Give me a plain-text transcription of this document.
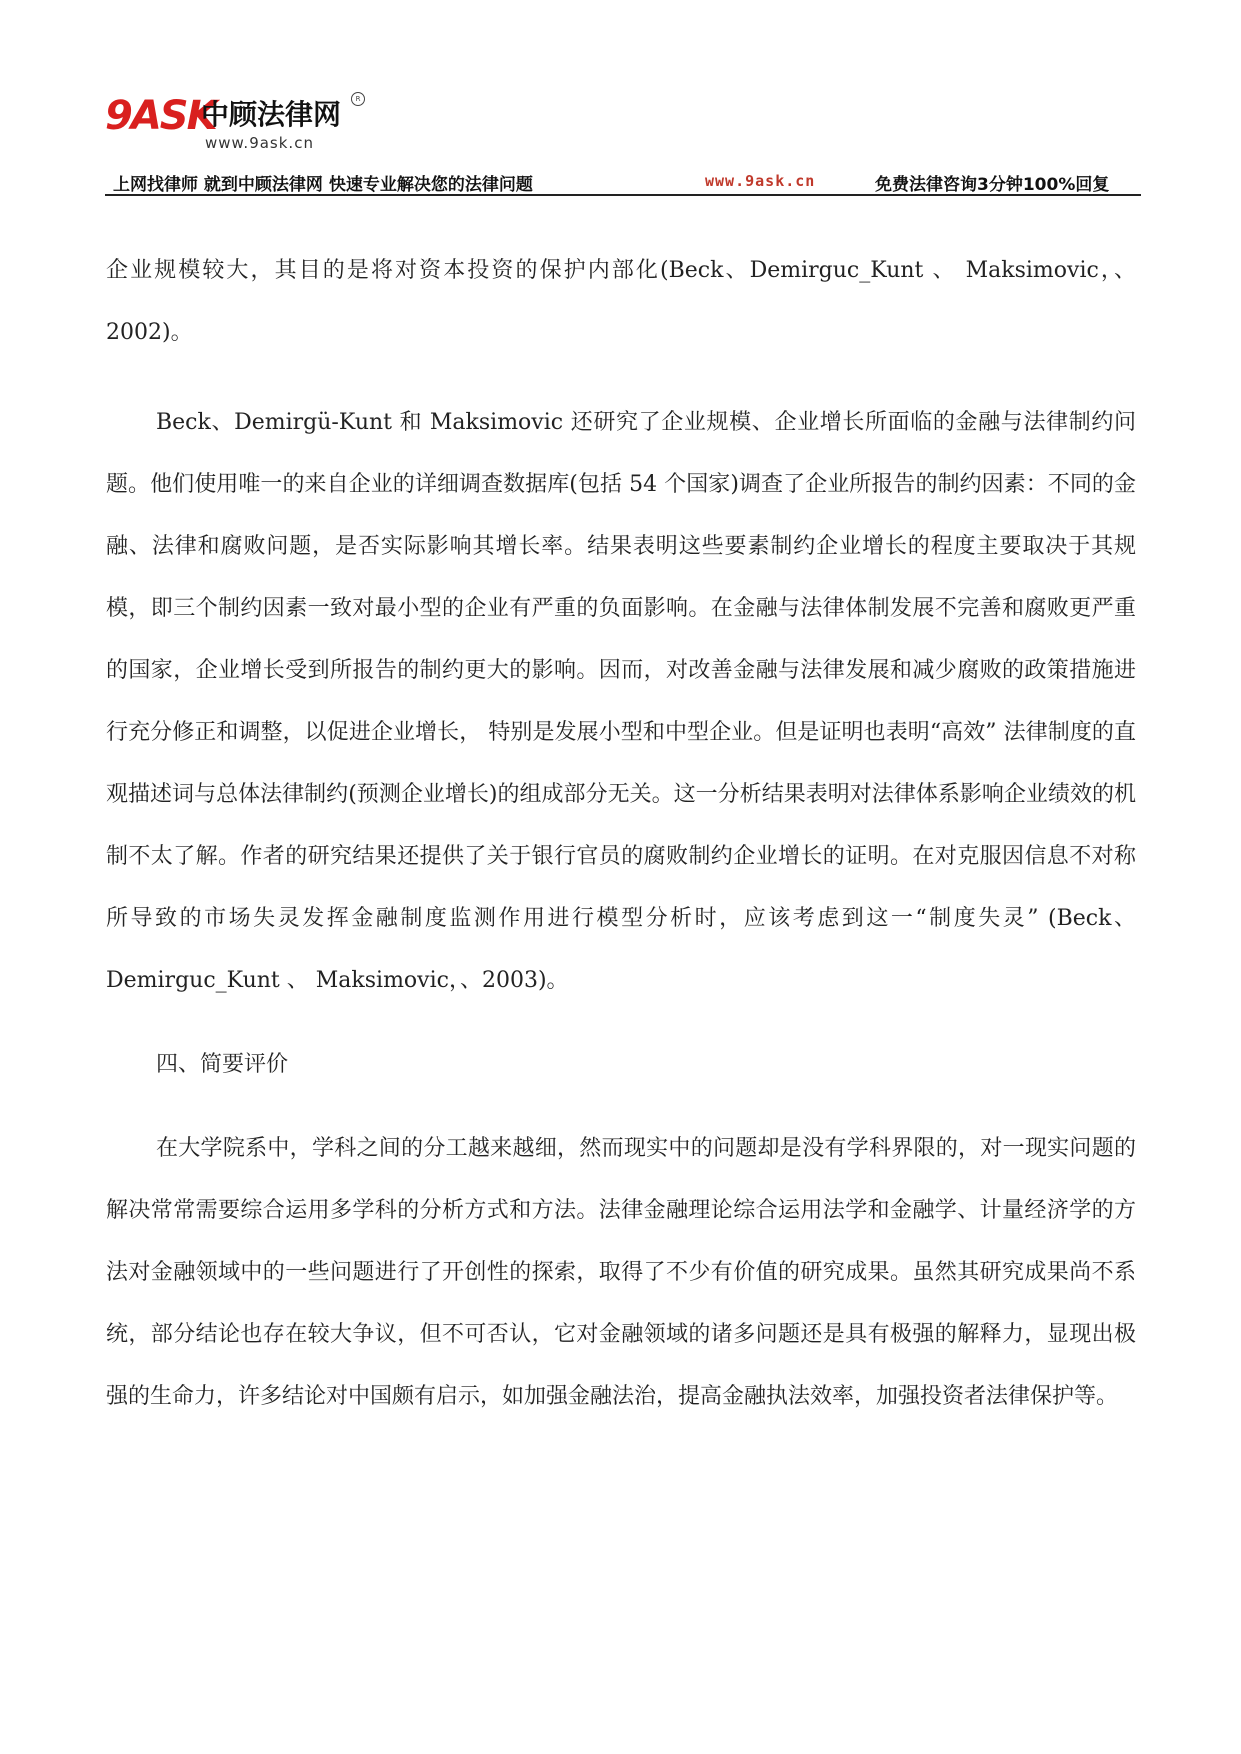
9ASK
中顾法律网	R
www.9ask.cn
上网找律师 就到中顾法律网 快速专业解决您的法律问题	www.9ask.cn	免费法律咨询3分钟100%回复

企业规模较大，其目的是将对资本投资的保护内部化(Beck、Demirguc_Kunt 、 Maksimovic，、2002)。

Beck、Demirgü-Kunt 和 Maksimovic 还研究了企业规模、企业增长所面临的金融与法律制约问题。他们使用唯一的来自企业的详细调查数据库(包括 54 个国家)调查了企业所报告的制约因素：不同的金融、法律和腐败问题，是否实际影响其增长率。结果表明这些要素制约企业增长的程度主要取决于其规模，即三个制约因素一致对最小型的企业有严重的负面影响。在金融与法律体制发展不完善和腐败更严重的国家，企业增长受到所报告的制约更大的影响。因而，对改善金融与法律发展和减少腐败的政策措施进行充分修正和调整，以促进企业增长， 特别是发展小型和中型企业。但是证明也表明“高效” 法律制度的直观描述词与总体法律制约(预测企业增长)的组成部分无关。这一分析结果表明对法律体系影响企业绩效的机制不太了解。作者的研究结果还提供了关于银行官员的腐败制约企业增长的证明。在对克服因信息不对称所导致的市场失灵发挥金融制度监测作用进行模型分析时，应该考虑到这一“制度失灵” (Beck、Demirguc_Kunt 、 Maksimovic，、2003)。

四、简要评价

在大学院系中，学科之间的分工越来越细，然而现实中的问题却是没有学科界限的，对一现实问题的解决常常需要综合运用多学科的分析方式和方法。法律金融理论综合运用法学和金融学、计量经济学的方法对金融领域中的一些问题进行了开创性的探索，取得了不少有价值的研究成果。虽然其研究成果尚不系统，部分结论也存在较大争议，但不可否认，它对金融领域的诸多问题还是具有极强的解释力，显现出极强的生命力，许多结论对中国颇有启示，如加强金融法治，提高金融执法效率，加强投资者法律保护等。
